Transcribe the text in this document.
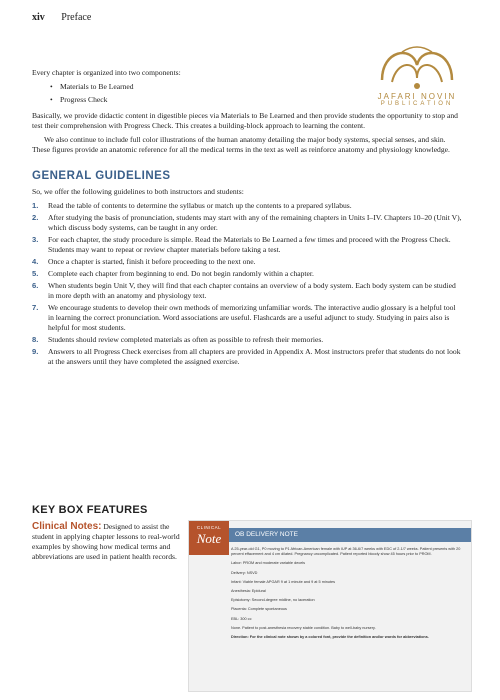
xiv Preface
JAFARI NOVIN
PUBLICATION

Every chapter is organized into two components:

• Materials to Be Learned
• Progress Check

Basically, we provide didactic content in digestible pieces via Materials to Be Learned and then provide students the opportunity to stop and test their comprehension with Progress Check. This creates a building-block approach to learning the content.

We also continue to include full color illustrations of the human anatomy detailing the major body systems, special senses, and skin. These figures provide an anatomic reference for all the medical terms in the text as well as reinforce anatomy and physiology knowledge.

GENERAL GUIDELINES

So, we offer the following guidelines to both instructors and students:

1. Read the table of contents to determine the syllabus or match up the contents to a prepared syllabus.
2. After studying the basis of pronunciation, students may start with any of the remaining chapters in Units I–IV. Chapters 10–20 (Unit V), which discuss body systems, can be taught in any order.
3. For each chapter, the study procedure is simple. Read the Materials to Be Learned a few times and proceed with the Progress Check. Students may want to repeat or review chapter materials before taking a test.
4. Once a chapter is started, finish it before proceeding to the next one.
5. Complete each chapter from beginning to end. Do not begin randomly within a chapter.
6. When students begin Unit V, they will find that each chapter contains an overview of a body system. Each body system can be studied in more depth with an anatomy and physiology text.
7. We encourage students to develop their own methods of memorizing unfamiliar words. The interactive audio glossary is a helpful tool in learning the correct pronunciation. Word associations are useful. Flashcards are a useful adjunct to study. Studying in pairs also is helpful for most students.
8. Students should review completed materials as often as possible to refresh their memories.
9. Answers to all Progress Check exercises from all chapters are provided in Appendix A. Most instructors prefer that students do not look at the answers until they have completed the assigned exercise.
KEY BOX FEATURES
Clinical Notes: Designed to assist the student in applying chapter lessons to real-world examples by showing how medical terms and abbreviations are used in patient health records.
CLINICAL
Note	OB DELIVERY NOTE
A 25-year-old G1, P0 moving to P1 African-American female with IUP at 36-6/7 weeks with EDC of 2-1/7 weeks. Patient presents with 20 percent effacement and 4 cm dilated. Pregnancy uncomplicated. Patient reported bloody show 45 hours prior to PROM.
Labor: PROM and moderate variable decels
Delivery: NSVD
Infant: Viable female APGAR 9 at 1 minute and 9 at 5 minutes
Anesthesia: Epidural
Episiotomy: Second-degree midline, no laceration
Placenta: Complete spontaneous
EBL: 300 cc
None. Patient to post-anesthesia recovery stable condition. Baby to well-baby nursery.
Direction: For the clinical note shown by a colored font, provide the definition and/or words for abbreviations.
